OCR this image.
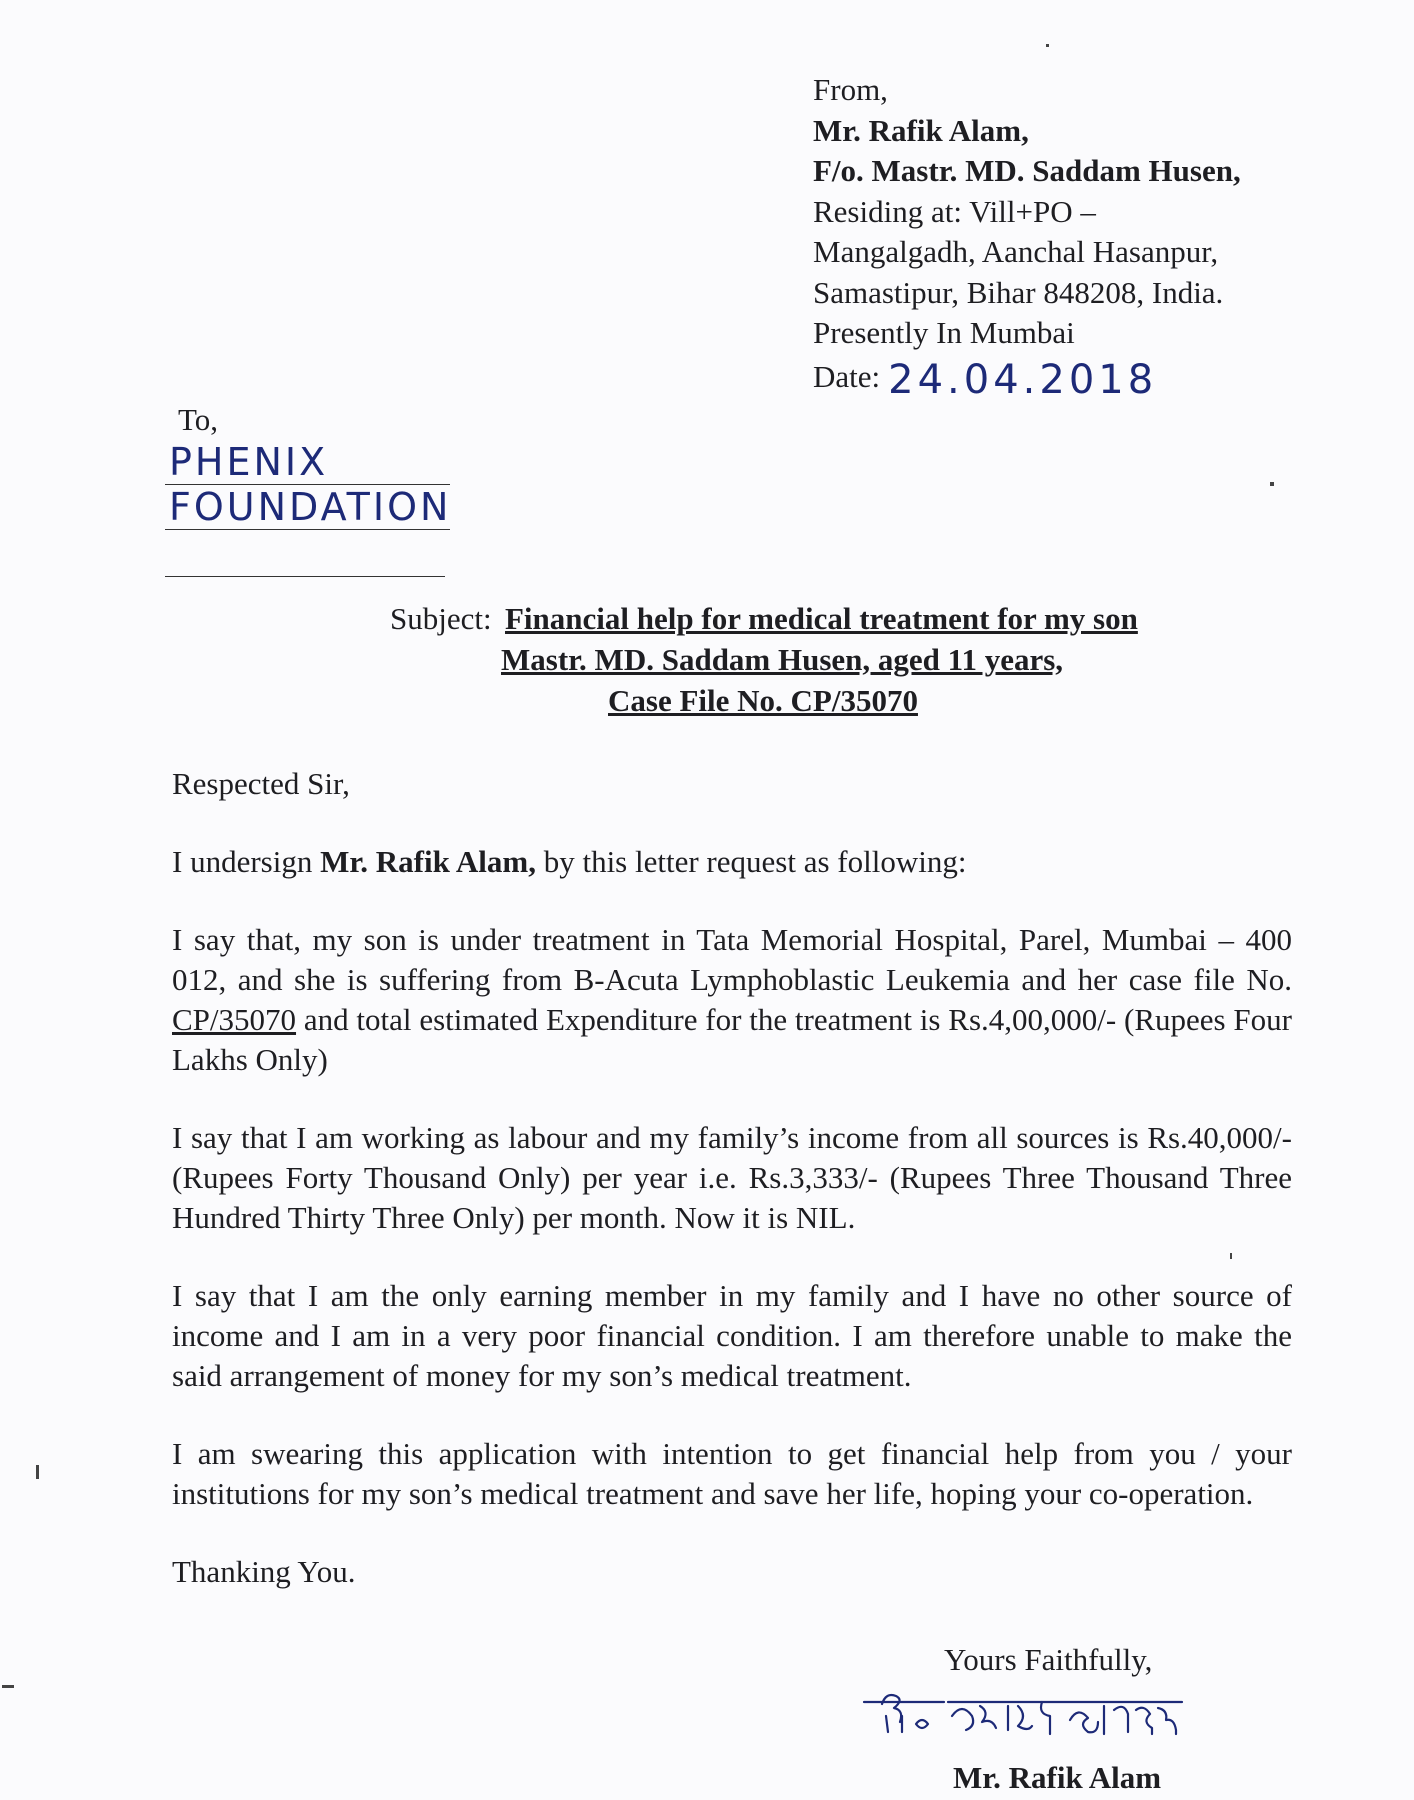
From,
Mr. Rafik Alam,
F/o. Mastr. MD. Saddam Husen,
Residing at: Vill+PO –
Mangalgadh, Aanchal Hasanpur,
Samastipur, Bihar 848208, India.
Presently In Mumbai
Date: 24.04.2018
To,
PHENIX
FOUNDATION
Subject: Financial help for medical treatment for my son
Mastr. MD. Saddam Husen, aged 11 years,
Case File No. CP/35070

Respected Sir,

I undersign Mr. Rafik Alam, by this letter request as following:

I say that, my son is under treatment in Tata Memorial Hospital, Parel, Mumbai – 400 012, and she is suffering from B-Acuta Lymphoblastic Leukemia and her case file No. CP/35070 and total estimated Expenditure for the treatment is Rs.4,00,000/- (Rupees Four Lakhs Only)

I say that I am working as labour and my family’s income from all sources is Rs.40,000/- (Rupees Forty Thousand Only) per year i.e. Rs.3,333/- (Rupees Three Thousand Three Hundred Thirty Three Only) per month. Now it is NIL.

I say that I am the only earning member in my family and I have no other source of income and I am in a very poor financial condition. I am therefore unable to make the said arrangement of money for my son’s medical treatment.

I am swearing this application with intention to get financial help from you / your institutions for my son’s medical treatment and save her life, hoping your co-operation.

Thanking You.

Yours Faithfully,
Mr. Rafik Alam
